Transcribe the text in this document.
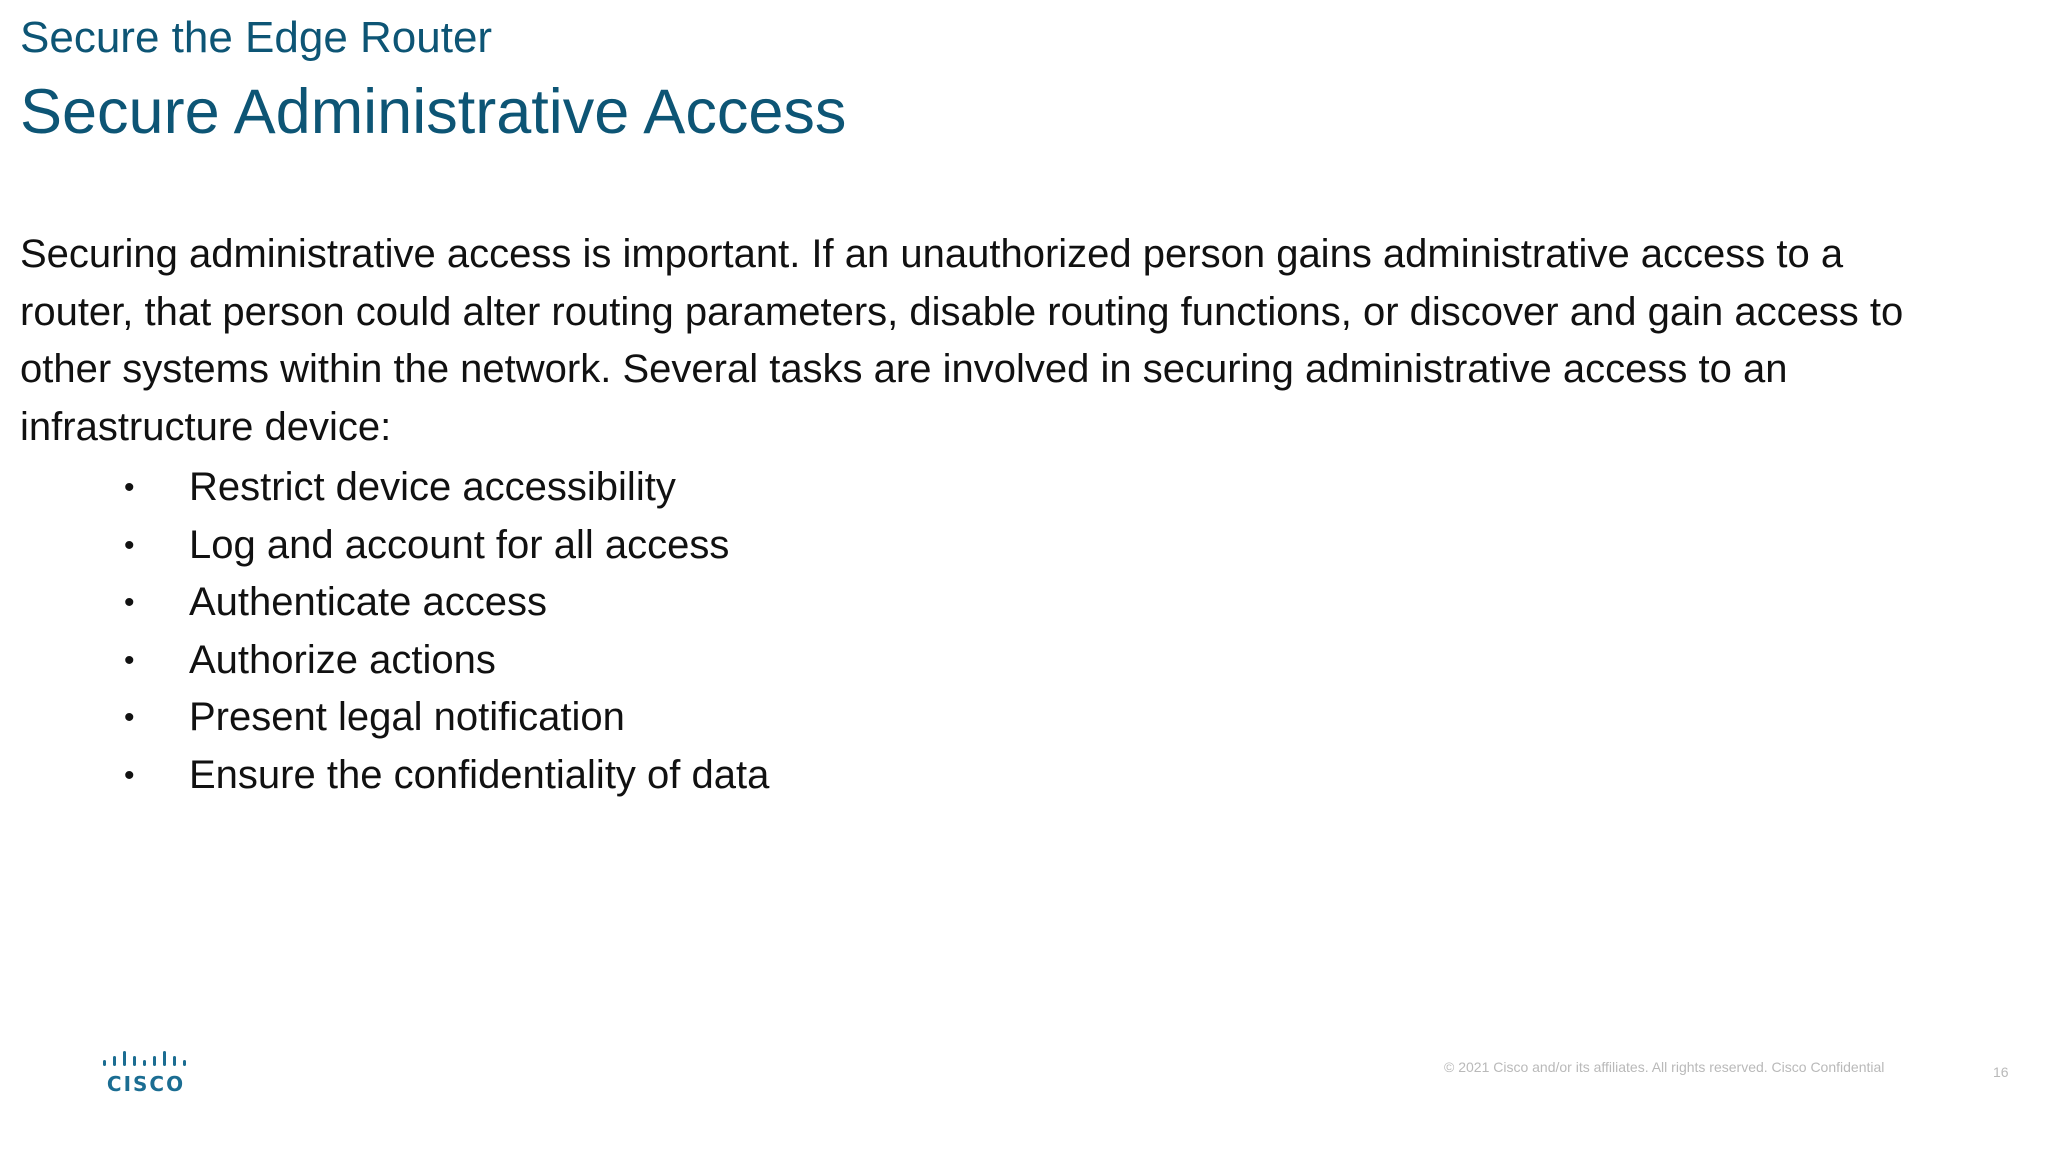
Secure the Edge Router
Secure Administrative Access
Securing administrative access is important. If an unauthorized person gains administrative access to a router, that person could alter routing parameters, disable routing functions, or discover and gain access to other systems within the network. Several tasks are involved in securing administrative access to an infrastructure device:
• Restrict device accessibility
• Log and account for all access
• Authenticate access
• Authorize actions
• Present legal notification
• Ensure the confidentiality of data
CISCO
© 2021 Cisco and/or its affiliates. All rights reserved. Cisco Confidential	16
